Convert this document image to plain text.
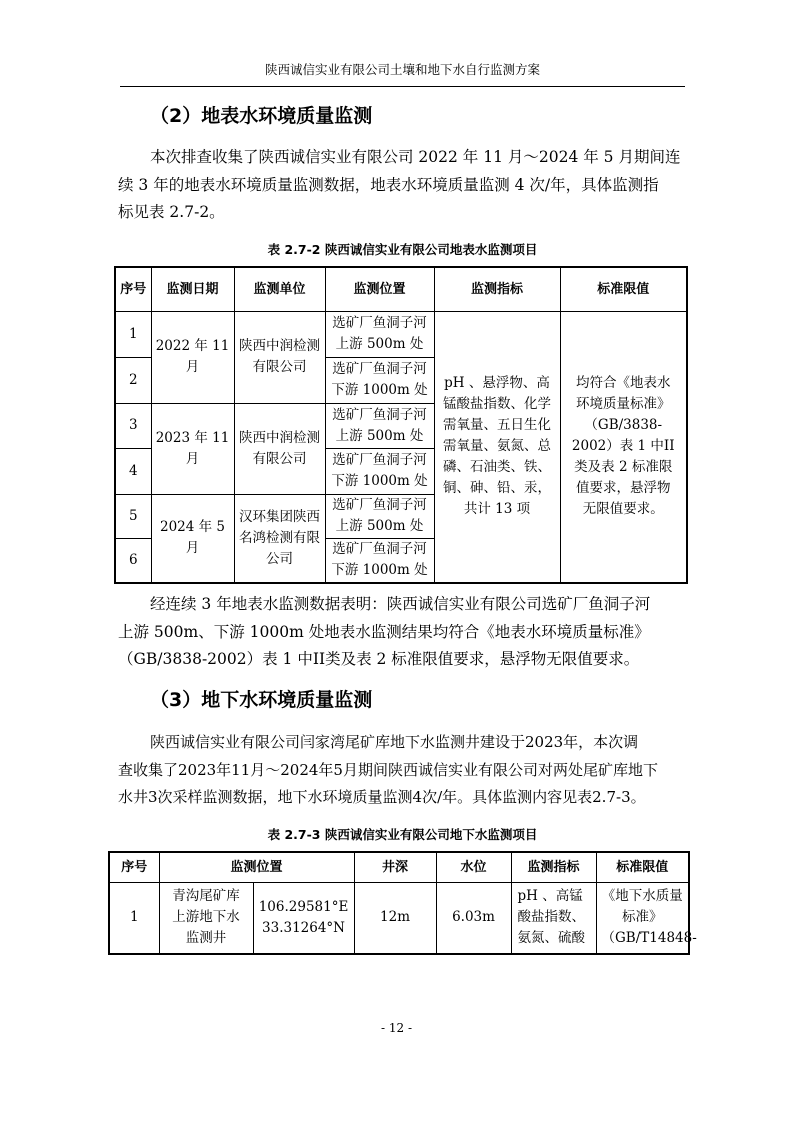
陕西诚信实业有限公司土壤和地下水自行监测方案
（2）地表水环境质量监测
本次排查收集了陕西诚信实业有限公司 2022 年 11 月～2024 年 5 月期间连
续 3 年的地表水环境质量监测数据，地表水环境质量监测 4 次/年，具体监测指
标见表 2.7-2。
表 2.7-2 陕西诚信实业有限公司地表水监测项目
序号	监测日期	监测单位	监测位置	监测指标	标准限值
1	2022 年 11 月	陕西中润检测有限公司	选矿厂鱼洞子河上游 500m 处	pH 、悬浮物、高锰酸盐指数、化学需氧量、五日生化需氧量、氨氮、总磷、石油类、铁、铜、砷、铅、汞，共计 13 项	均符合《地表水环境质量标准》（GB/3838-2002）表 1 中II类及表 2 标准限值要求，悬浮物无限值要求。
2			选矿厂鱼洞子河下游 1000m 处		
3	2023 年 11 月	陕西中润检测有限公司	选矿厂鱼洞子河上游 500m 处		
4			选矿厂鱼洞子河下游 1000m 处		
5	2024 年 5 月	汉环集团陕西名鸿检测有限公司	选矿厂鱼洞子河上游 500m 处		
6			选矿厂鱼洞子河下游 1000m 处		
经连续 3 年地表水监测数据表明：陕西诚信实业有限公司选矿厂鱼洞子河
上游 500m、下游 1000m 处地表水监测结果均符合《地表水环境质量标准》
（GB/3838-2002）表 1 中II类及表 2 标准限值要求，悬浮物无限值要求。
（3）地下水环境质量监测
陕西诚信实业有限公司闫家湾尾矿库地下水监测井建设于2023年，本次调
查收集了2023年11月～2024年5月期间陕西诚信实业有限公司对两处尾矿库地下
水井3次采样监测数据，地下水环境质量监测4次/年。具体监测内容见表2.7-3。
表 2.7-3 陕西诚信实业有限公司地下水监测项目
序号	监测位置		井深	水位	监测指标	标准限值
1	青沟尾矿库上游地下水监测井	106.29581°E
33.31264°N	12m	6.03m	pH 、高锰酸盐指数、氨氮、硫酸	《地下水质量标准》（GB/T14848-
- 12 -
